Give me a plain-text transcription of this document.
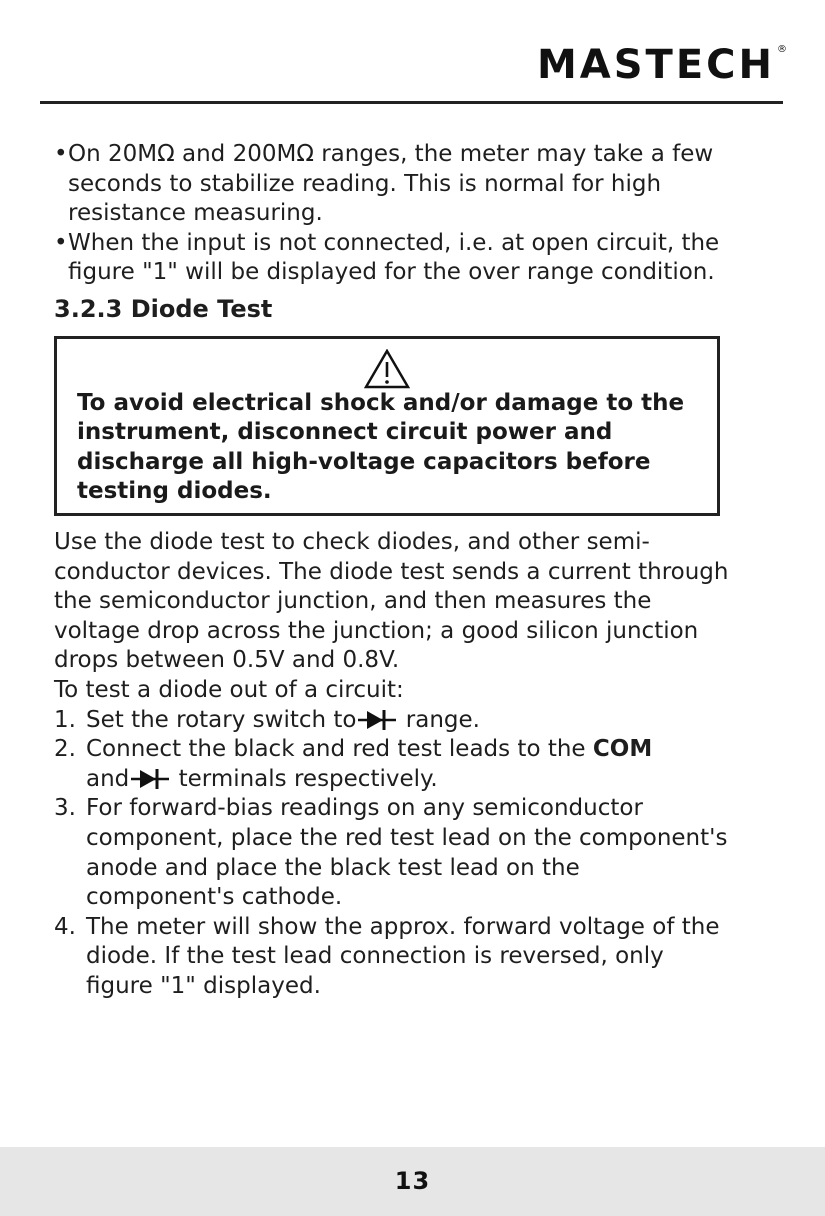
MASTECH ®
• On 20MΩ and 200MΩ ranges, the meter may take a few seconds to stabilize reading. This is normal for high resistance measuring.
• When the input is not connected, i.e. at open circuit, the figure "1" will be displayed for the over range condition.
3.2.3 Diode Test

To avoid electrical shock and/or damage to the instrument, disconnect circuit power and discharge all high-voltage capacitors before testing diodes.

Use the diode test to check diodes, and other semi- conductor devices. The diode test sends a current through the semiconductor junction, and then measures the voltage drop across the junction; a good silicon junction drops between 0.5V and 0.8V.

To test a diode out of a circuit:

1. Set the rotary switch to range.
2. Connect the black and red test leads to the COM
and terminals respectively.
3. For forward-bias readings on any semiconductor component, place the red test lead on the component's anode and place the black test lead on the component's cathode.
4. The meter will show the approx. forward voltage of the diode. If the test lead connection is reversed, only figure "1" displayed.
13
